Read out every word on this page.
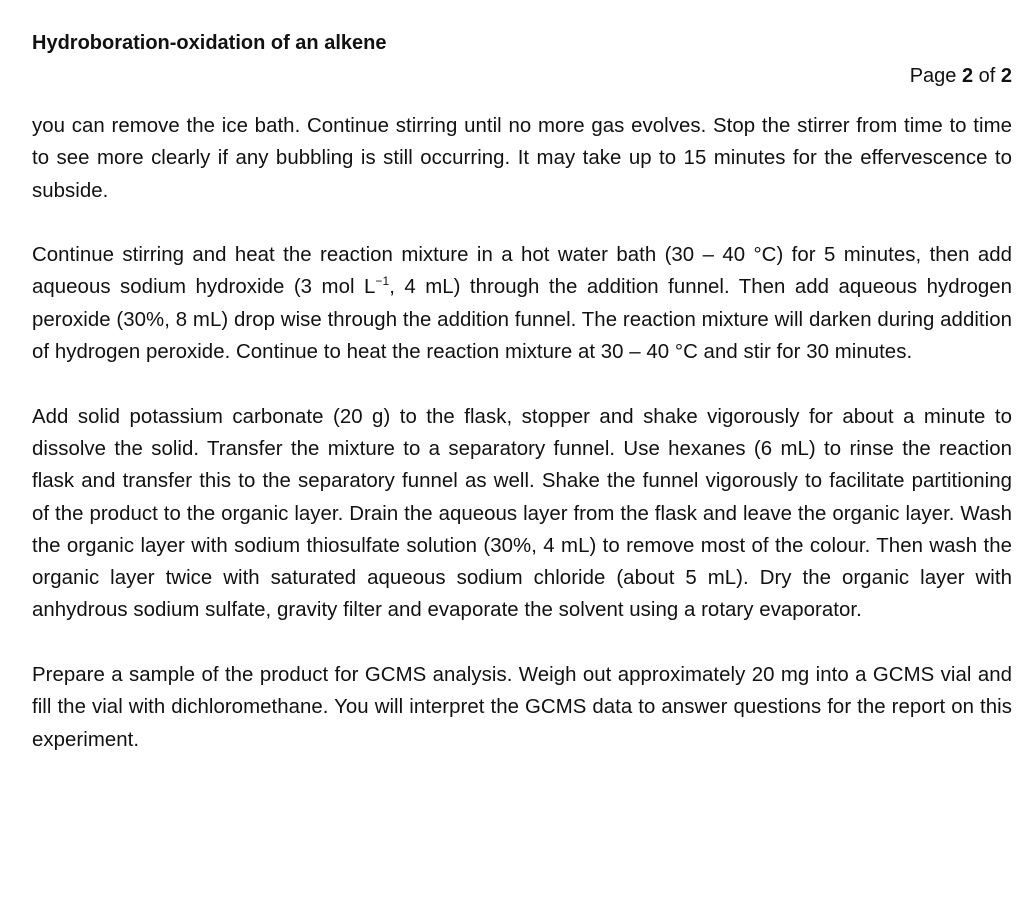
Hydroboration-oxidation of an alkene
Page 2 of 2

you can remove the ice bath. Continue stirring until no more gas evolves. Stop the stirrer from time to time to see more clearly if any bubbling is still occurring. It may take up to 15 minutes for the effervescence to subside.

Continue stirring and heat the reaction mixture in a hot water bath (30 – 40 °C) for 5 minutes, then add aqueous sodium hydroxide (3 mol $L^{-1}$, 4 mL) through the addition funnel. Then add aqueous hydrogen peroxide (30%, 8 mL) drop wise through the addition funnel. The reaction mixture will darken during addition of hydrogen peroxide. Continue to heat the reaction mixture at 30 – 40 °C and stir for 30 minutes.

Add solid potassium carbonate (20 g) to the flask, stopper and shake vigorously for about a minute to dissolve the solid. Transfer the mixture to a separatory funnel. Use hexanes (6 mL) to rinse the reaction flask and transfer this to the separatory funnel as well. Shake the funnel vigorously to facilitate partitioning of the product to the organic layer. Drain the aqueous layer from the flask and leave the organic layer. Wash the organic layer with sodium thiosulfate solution (30%, 4 mL) to remove most of the colour. Then wash the organic layer twice with saturated aqueous sodium chloride (about 5 mL). Dry the organic layer with anhydrous sodium sulfate, gravity filter and evaporate the solvent using a rotary evaporator.

Prepare a sample of the product for GCMS analysis. Weigh out approximately 20 mg into a GCMS vial and fill the vial with dichloromethane. You will interpret the GCMS data to answer questions for the report on this experiment.
